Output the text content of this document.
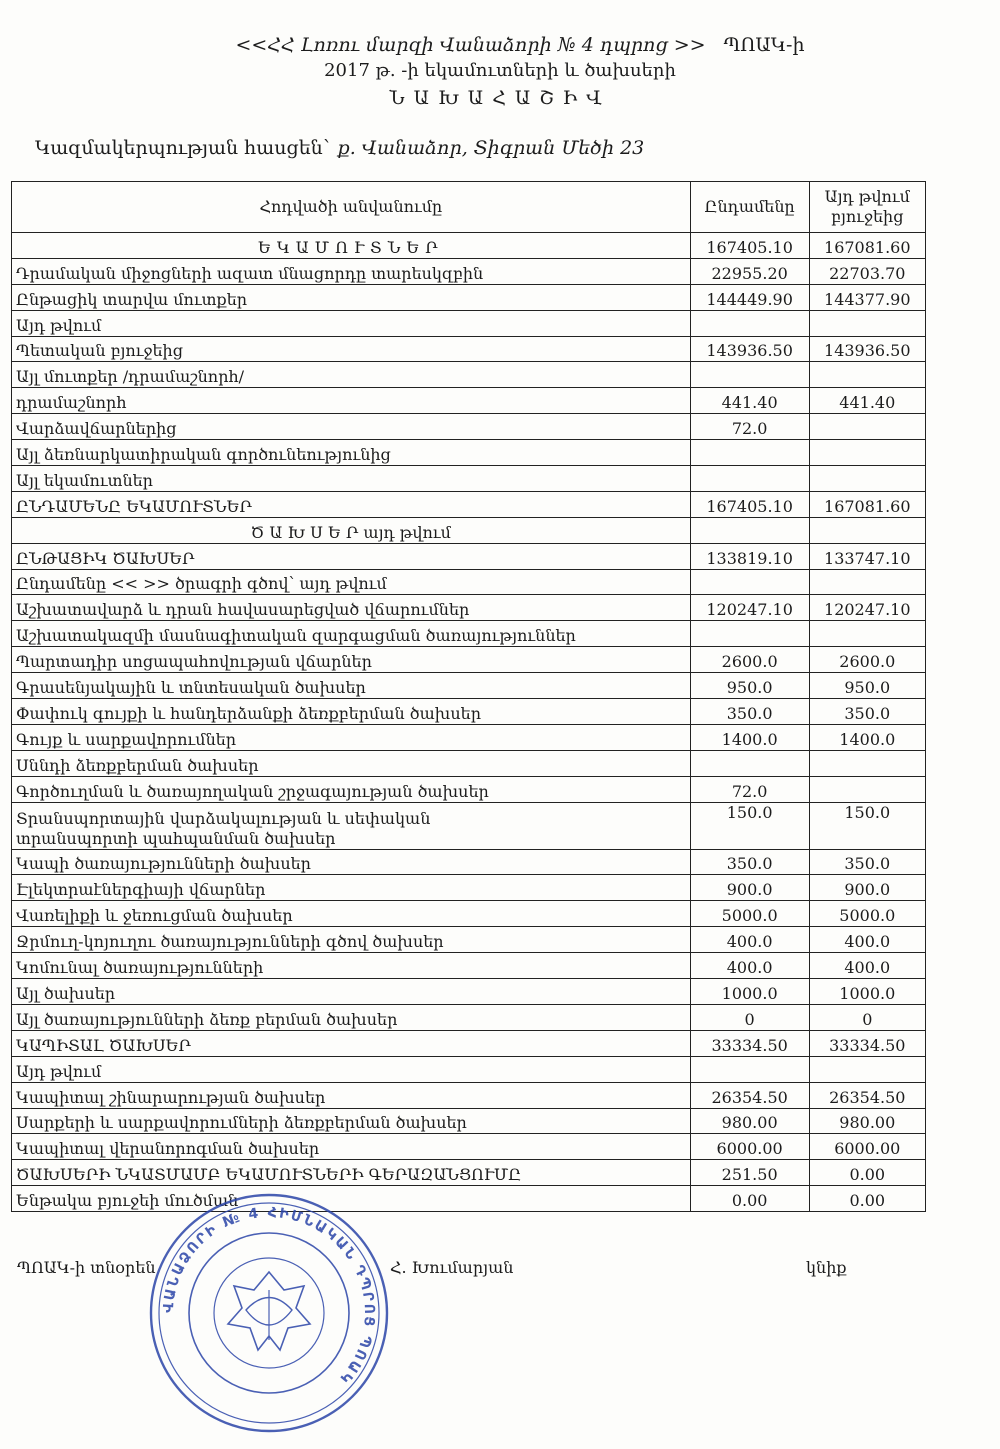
<<ՀՀ Լոռու մարզի Վանաձորի № 4 դպրոց >> ՊՈԱԿ-ի
2017 թ. -ի եկամուտների և ծախսերի
ՆԱԽԱՀԱՇԻՎ
Կազմակերպության հասցեն՝ ք. Վանաձոր, Տիգրան Մեծի 23
Հոդվածի անվանումը	Ընդամենը	Այդ թվում բյուջեից
ԵԿԱՄՈՒՏՆԵՐ	167405.10	167081.60
Դրամական միջոցների ազատ մնացորդը տարեսկզբին	22955.20	22703.70
Ընթացիկ տարվա մուտքեր	144449.90	144377.90
Այդ թվում		
Պետական բյուջեից	143936.50	143936.50
Այլ մուտքեր /դրամաշնորհ/		
դրամաշնորհ	441.40	441.40
Վարձավճարներից	72.0	
Այլ ձեռնարկատիրական գործունեությունից		
Այլ եկամուտներ		
ԸՆԴԱՄԵՆԸ ԵԿԱՄՈՒՏՆԵՐ	167405.10	167081.60
Ծ Ա Խ Ս Ե Ր այդ թվում		
ԸՆԹԱՑԻԿ ԾԱԽՍԵՐ	133819.10	133747.10
Ընդամենը << >> ծրագրի գծով՝ այդ թվում		
Աշխատավարձ և դրան հավասարեցված վճարումներ	120247.10	120247.10
Աշխատակազմի մասնագիտական զարգացման ծառայություններ		
Պարտադիր սոցապահովության վճարներ	2600.0	2600.0
Գրասենյակային և տնտեսական ծախսեր	950.0	950.0
Փափուկ գույքի և հանդերձանքի ձեռքբերման ծախսեր	350.0	350.0
Գույք և սարքավորումներ	1400.0	1400.0
Սննդի ձեռքբերման ծախսեր		
Գործուղման և ծառայողական շրջագայության ծախսեր	72.0	
Տրանսպորտային վարձակալության և սեփական տրանսպորտի պահպանման ծախսեր	150.0	150.0
Կապի ծառայությունների ծախսեր	350.0	350.0
Էլեկտրաէներգիայի վճարներ	900.0	900.0
Վառելիքի և ջեռուցման ծախսեր	5000.0	5000.0
Ջրմուղ-կոյուղու ծառայությունների գծով ծախսեր	400.0	400.0
Կոմունալ ծառայությունների	400.0	400.0
Այլ ծախսեր	1000.0	1000.0
Այլ ծառայությունների ձեռք բերման ծախսեր	0	0
ԿԱՊԻՏԱԼ ԾԱԽՍԵՐ	33334.50	33334.50
Այդ թվում		
Կապիտալ շինարարության ծախսեր	26354.50	26354.50
Սարքերի և սարքավորումների ձեռքբերման ծախսեր	980.00	980.00
Կապիտալ վերանորոգման ծախսեր	6000.00	6000.00
ԾԱԽՍԵՐԻ ՆԿԱՏՄԱՄԲ ԵԿԱՄՈՒՏՆԵՐԻ ԳԵՐԱԶԱՆՑՈՒՄԸ	251.50	0.00
Ենթակա բյուջեի մուծման	0.00	0.00
ՊՈԱԿ-ի տնօրեն	Հ. Խումարյան	կնիք
ՎԱՆԱՁՈՐԻ № 4 ՀԻՄՆԱԿԱՆ ԴՊՐՈՑ ՊՈԱԿ
